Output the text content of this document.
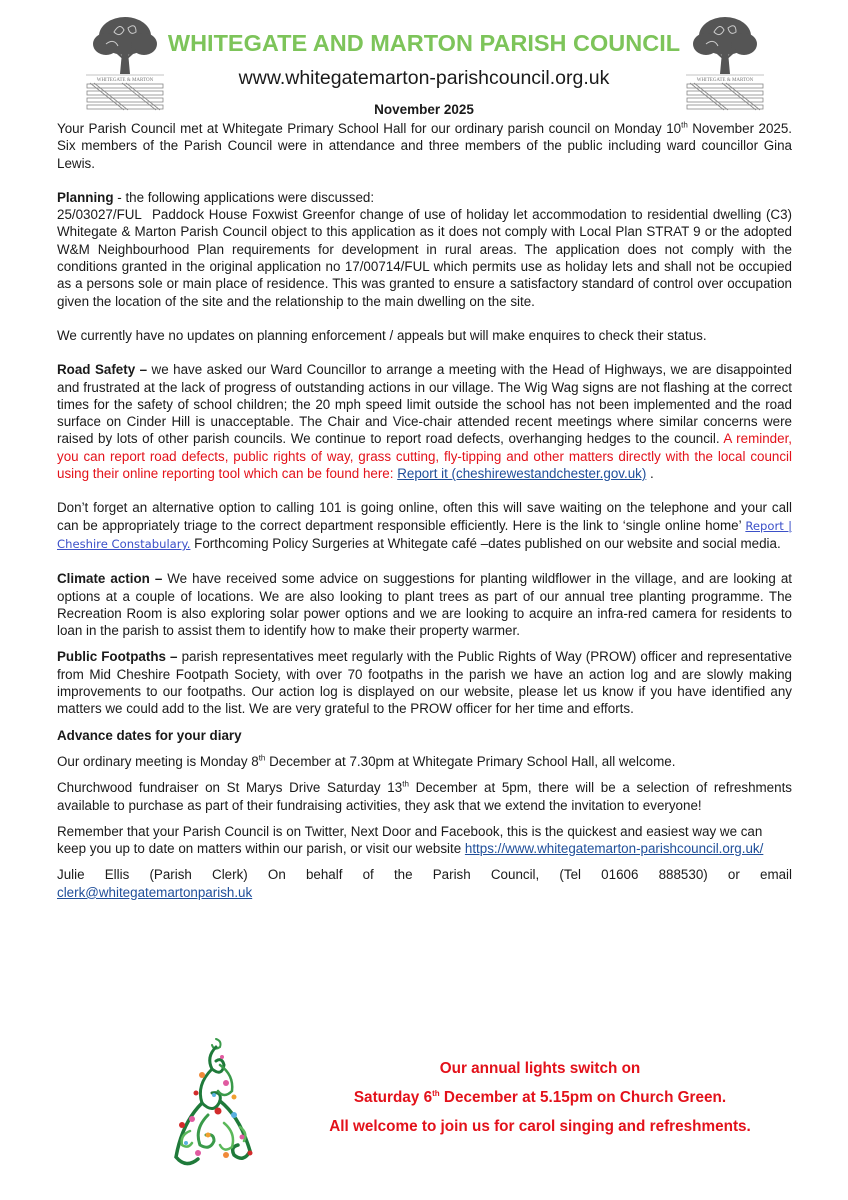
WHITEGATE & MARTON	WHITEGATE & MARTON
WHITEGATE AND MARTON PARISH COUNCIL
www.whitegatemarton-parishcouncil.org.uk
November 2025

Your Parish Council met at Whitegate Primary School Hall for our ordinary parish council on Monday 10th November 2025. Six members of the Parish Council were in attendance and three members of the public including ward councillor Gina Lewis.

Planning - the following applications were discussed:

25/03027/FUL Paddock House Foxwist Greenfor change of use of holiday let accommodation to residential dwelling (C3) Whitegate & Marton Parish Council object to this application as it does not comply with Local Plan STRAT 9 or the adopted W&M Neighbourhood Plan requirements for development in rural areas. The application does not comply with the conditions granted in the original application no 17/00714/FUL which permits use as holiday lets and shall not be occupied as a persons sole or main place of residence. This was granted to ensure a satisfactory standard of control over occupation given the location of the site and the relationship to the main dwelling on the site.

We currently have no updates on planning enforcement / appeals but will make enquires to check their status.

Road Safety – we have asked our Ward Councillor to arrange a meeting with the Head of Highways, we are disappointed and frustrated at the lack of progress of outstanding actions in our village. The Wig Wag signs are not flashing at the correct times for the safety of school children; the 20 mph speed limit outside the school has not been implemented and the road surface on Cinder Hill is unacceptable. The Chair and Vice-chair attended recent meetings where similar concerns were raised by lots of other parish councils. We continue to report road defects, overhanging hedges to the council. A reminder, you can report road defects, public rights of way, grass cutting, fly-tipping and other matters directly with the local council using their online reporting tool which can be found here: Report it (cheshirewestandchester.gov.uk) .

Don’t forget an alternative option to calling 101 is going online, often this will save waiting on the telephone and your call can be appropriately triage to the correct department responsible efficiently. Here is the link to ‘single online home’ Report | Cheshire Constabulary. Forthcoming Policy Surgeries at Whitegate café –dates published on our website and social media.

Climate action – We have received some advice on suggestions for planting wildflower in the village, and are looking at options at a couple of locations. We are also looking to plant trees as part of our annual tree planting programme. The Recreation Room is also exploring solar power options and we are looking to acquire an infra-red camera for residents to loan in the parish to assist them to identify how to make their property warmer.

Public Footpaths – parish representatives meet regularly with the Public Rights of Way (PROW) officer and representative from Mid Cheshire Footpath Society, with over 70 footpaths in the parish we have an action log and are slowly making improvements to our footpaths. Our action log is displayed on our website, please let us know if you have identified any matters we could add to the list. We are very grateful to the PROW officer for her time and efforts.

Advance dates for your diary

Our ordinary meeting is Monday 8th December at 7.30pm at Whitegate Primary School Hall, all welcome.

Churchwood fundraiser on St Marys Drive Saturday 13th December at 5pm, there will be a selection of refreshments available to purchase as part of their fundraising activities, they ask that we extend the invitation to everyone!

Remember that your Parish Council is on Twitter, Next Door and Facebook, this is the quickest and easiest way we can keep you up to date on matters within our parish, or visit our website https://www.whitegatemarton-parishcouncil.org.uk/

Julie Ellis (Parish Clerk) On behalf of the Parish Council, (Tel 01606 888530) or email

clerk@whitegatemartonparish.uk

Our annual lights switch on
Saturday 6th December at 5.15pm on Church Green.
All welcome to join us for carol singing and refreshments.
